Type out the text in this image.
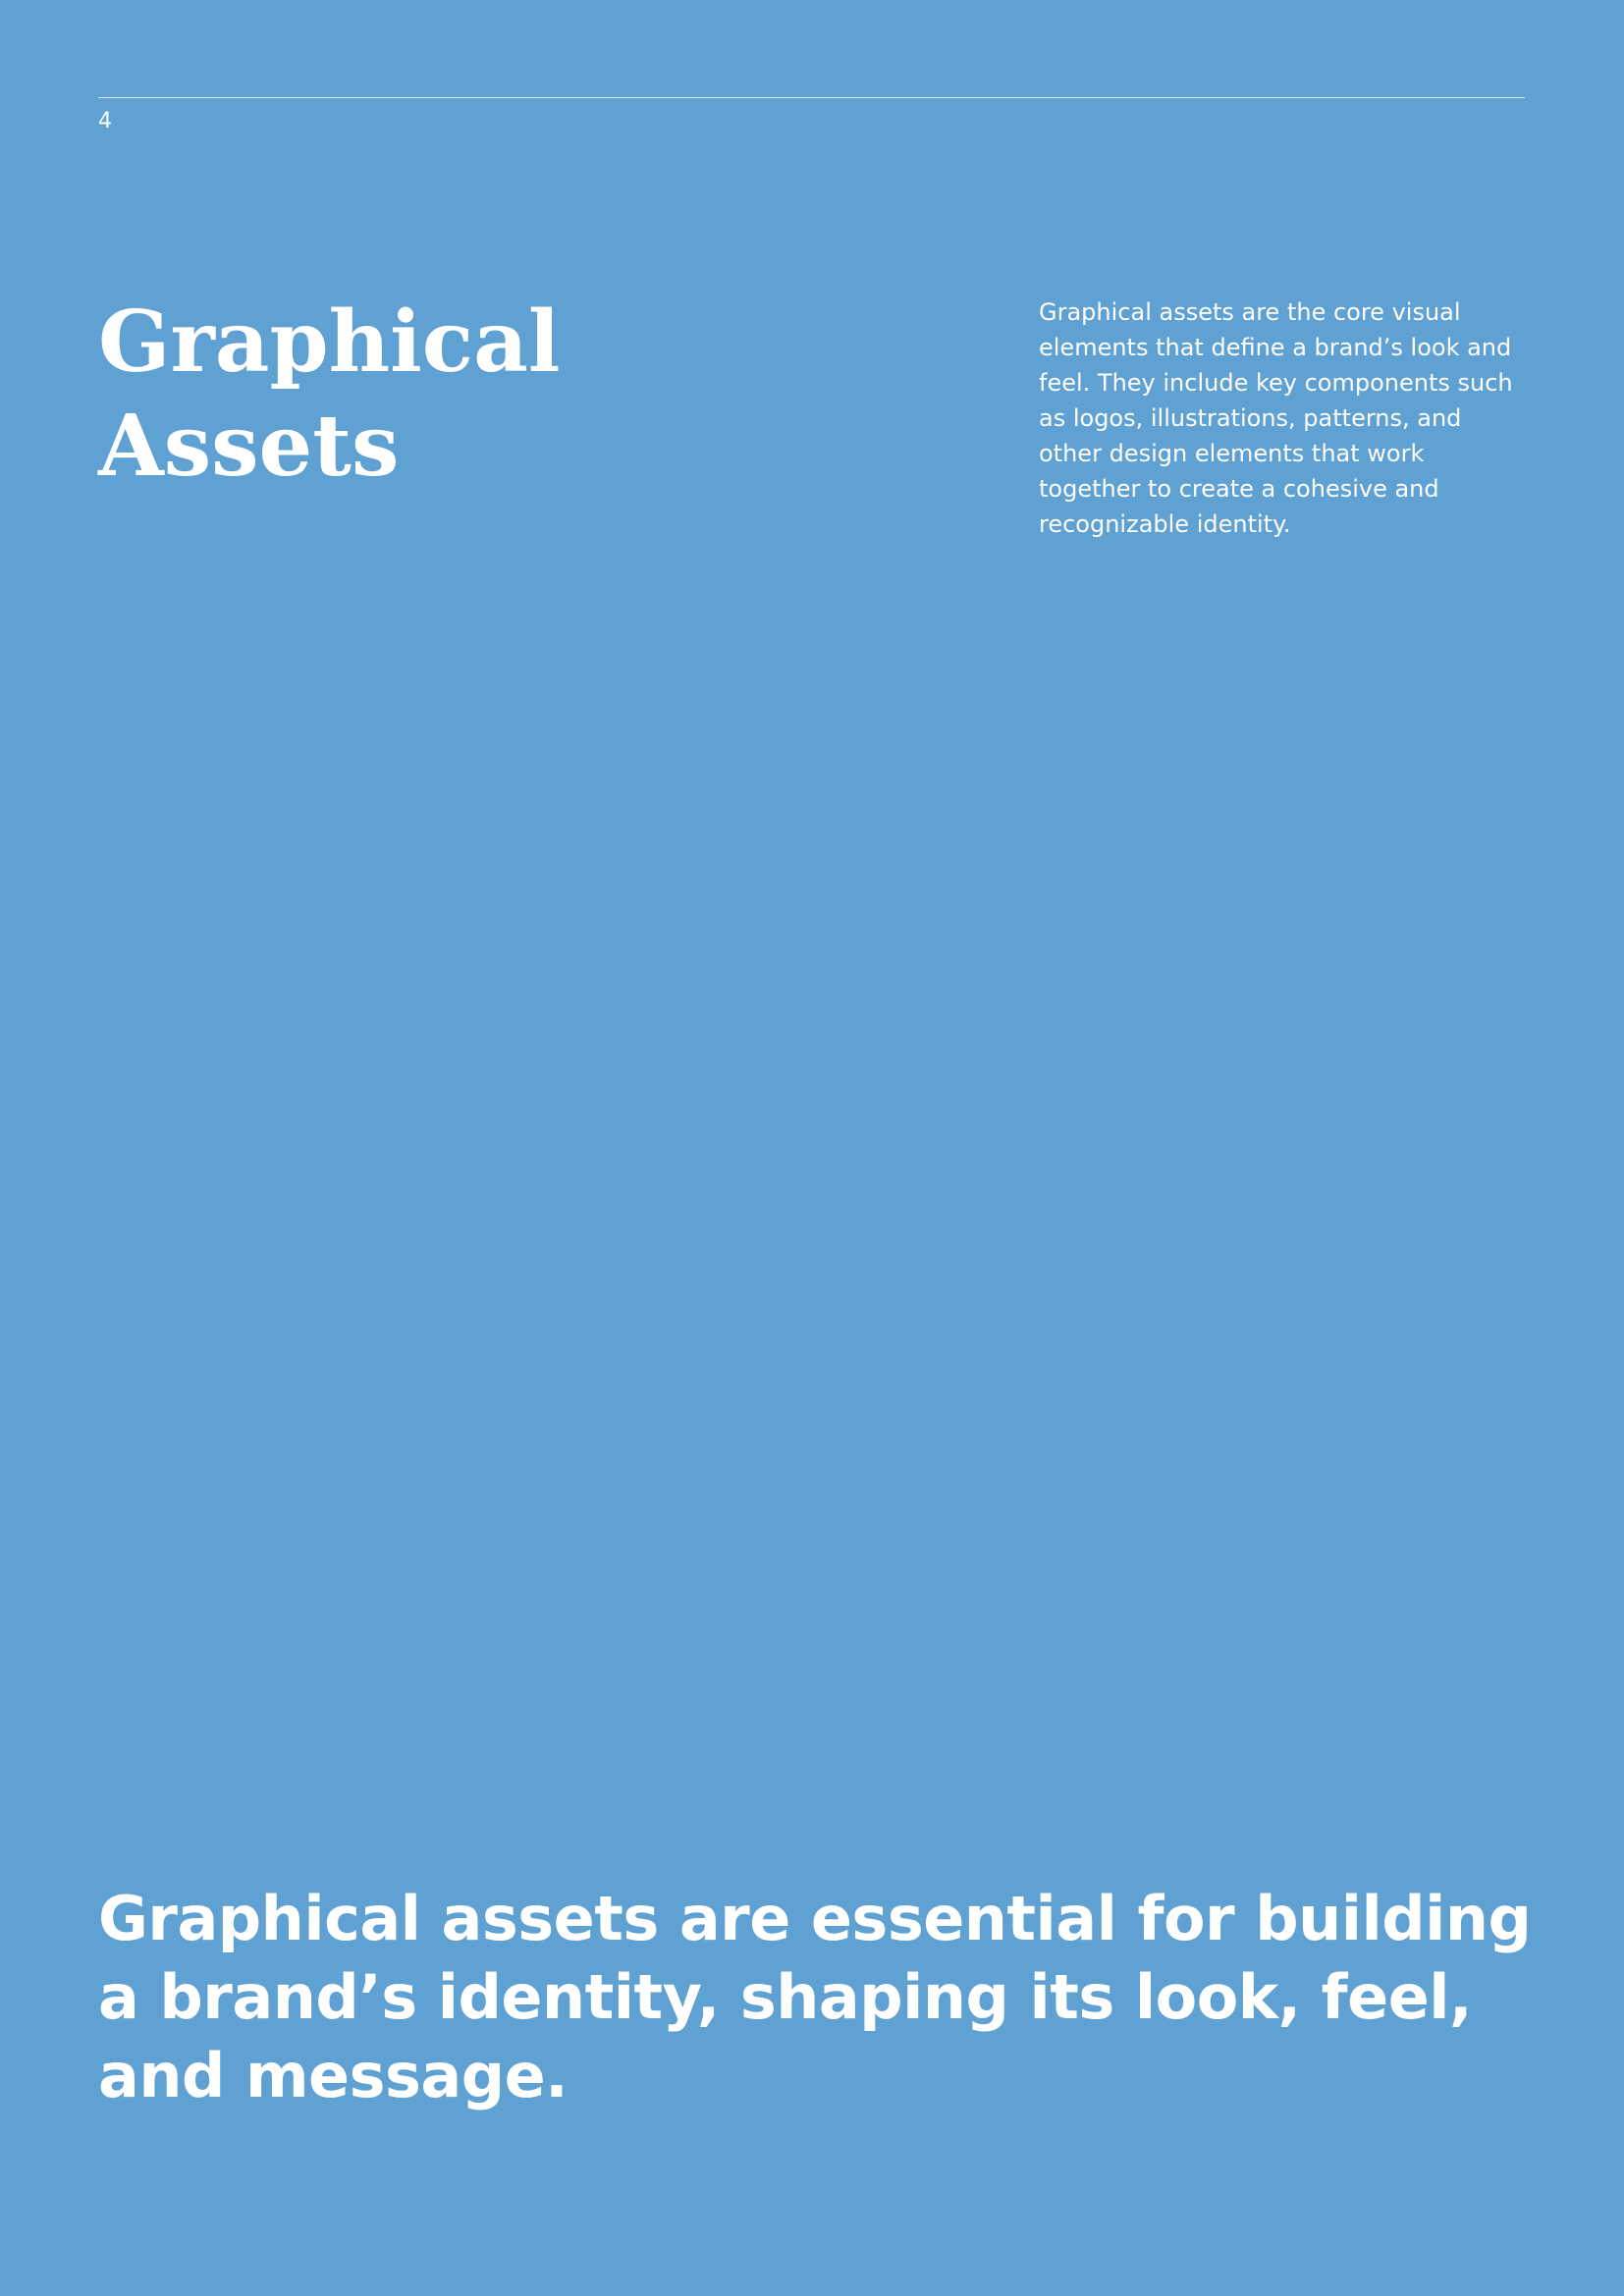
4
Graphical
Assets

Graphical assets are the core visual elements that define a brand’s look and feel. They include key components such as logos, illustrations, patterns, and other design elements that work together to create a cohesive and recognizable identity.

Graphical assets are essential for building
a brand’s identity, shaping its look, feel,
and message.
